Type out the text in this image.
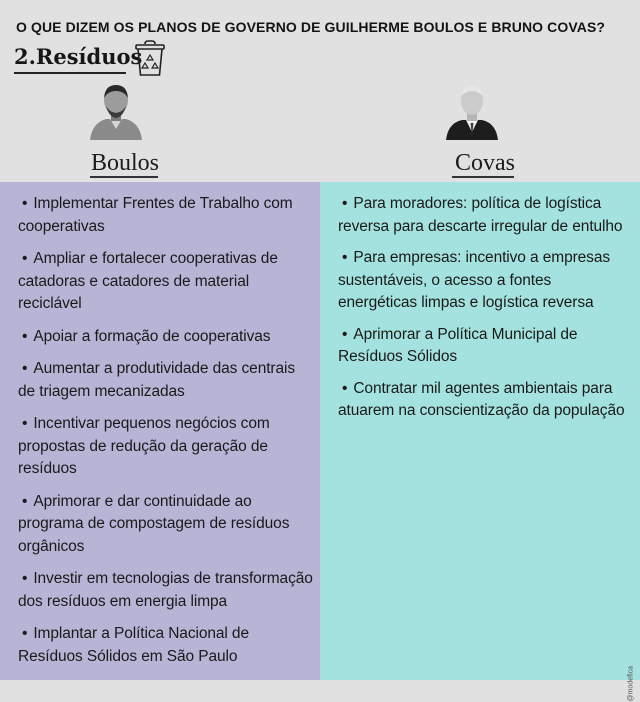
O QUE DIZEM OS PLANOS DE GOVERNO DE GUILHERME BOULOS E BRUNO COVAS?
2.Resíduos
Boulos	Covas
• Implementar Frentes de Trabalho com cooperativas
• Ampliar e fortalecer cooperativas de catadoras e catadores de material reciclável
• Apoiar a formação de cooperativas
• Aumentar a produtividade das centrais de triagem mecanizadas
• Incentivar pequenos negócios com propostas de redução da geração de resíduos
• Aprimorar e dar continuidade ao programa de compostagem de resíduos orgânicos
• Investir em tecnologias de transformação dos resíduos em energia limpa
• Implantar a Política Nacional de Resíduos Sólidos em São Paulo
• Para moradores: política de logística reversa para descarte irregular de entulho
• Para empresas: incentivo a empresas sustentáveis, o acesso a fontes energéticas limpas e logística reversa
• Aprimorar a Política Municipal de Resíduos Sólidos
• Contratar mil agentes ambientais para atuarem na conscientização da população
@modefica
